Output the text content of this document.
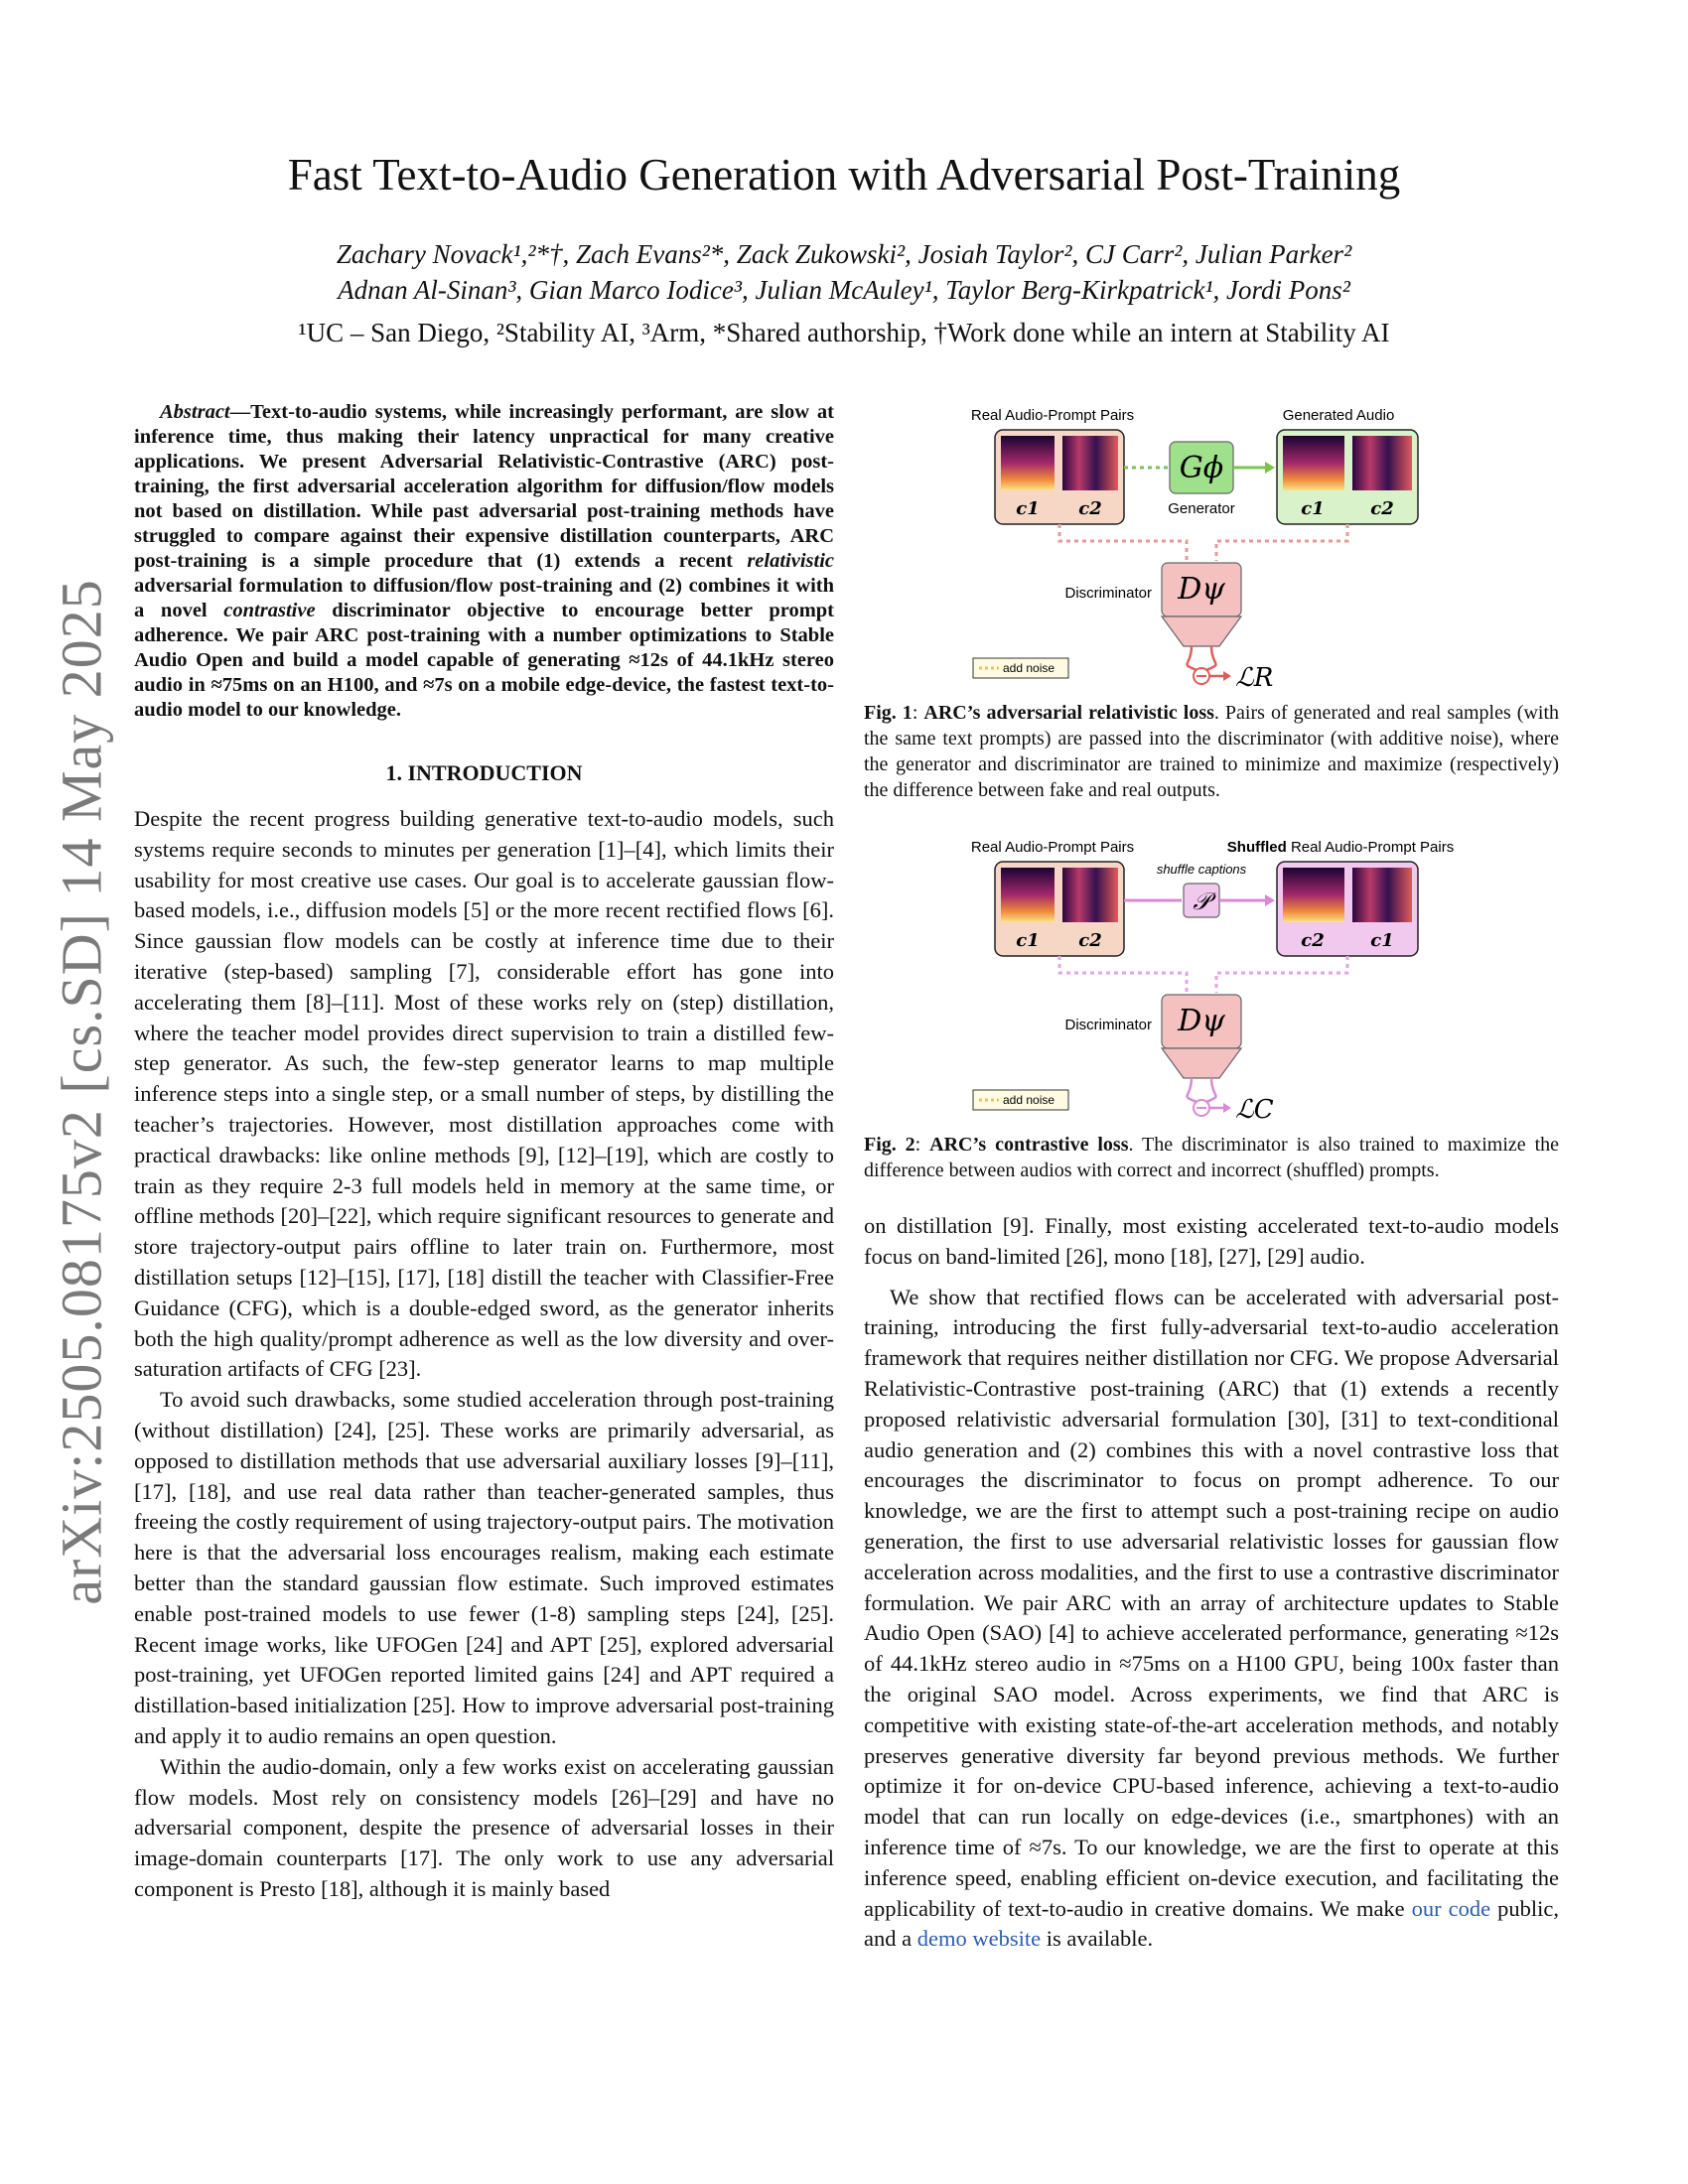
arXiv:2505.08175v2 [cs.SD] 14 May 2025
Fast Text-to-Audio Generation with Adversarial Post-Training
Zachary Novack¹,²*†, Zach Evans²*, Zack Zukowski², Josiah Taylor², CJ Carr², Julian Parker²
Adnan Al-Sinan³, Gian Marco Iodice³, Julian McAuley¹, Taylor Berg-Kirkpatrick¹, Jordi Pons²
¹UC – San Diego, ²Stability AI, ³Arm, *Shared authorship, †Work done while an intern at Stability AI
Abstract—Text-to-audio systems, while increasingly performant, are slow at inference time, thus making their latency unpractical for many creative applications. We present Adversarial Relativistic-Contrastive (ARC) post-training, the first adversarial acceleration algorithm for diffusion/flow models not based on distillation. While past adversarial post-training methods have struggled to compare against their expensive distillation counterparts, ARC post-training is a simple procedure that (1) extends a recent relativistic adversarial formulation to diffusion/flow post-training and (2) combines it with a novel contrastive discriminator objective to encourage better prompt adherence. We pair ARC post-training with a number optimizations to Stable Audio Open and build a model capable of generating ≈12s of 44.1kHz stereo audio in ≈75ms on an H100, and ≈7s on a mobile edge-device, the fastest text-to-audio model to our knowledge.
1. INTRODUCTION

Despite the recent progress building generative text-to-audio models, such systems require seconds to minutes per generation [1]–[4], which limits their usability for most creative use cases. Our goal is to accelerate gaussian flow-based models, i.e., diffusion models [5] or the more recent rectified flows [6]. Since gaussian flow models can be costly at inference time due to their iterative (step-based) sampling [7], considerable effort has gone into accelerating them [8]–[11]. Most of these works rely on (step) distillation, where the teacher model provides direct supervision to train a distilled few-step generator. As such, the few-step generator learns to map multiple inference steps into a single step, or a small number of steps, by distilling the teacher’s trajectories. However, most distillation approaches come with practical drawbacks: like online methods [9], [12]–[19], which are costly to train as they require 2-3 full models held in memory at the same time, or offline methods [20]–[22], which require significant resources to generate and store trajectory-output pairs offline to later train on. Furthermore, most distillation setups [12]–[15], [17], [18] distill the teacher with Classifier-Free Guidance (CFG), which is a double-edged sword, as the generator inherits both the high quality/prompt adherence as well as the low diversity and over-saturation artifacts of CFG [23].

To avoid such drawbacks, some studied acceleration through post-training (without distillation) [24], [25]. These works are primarily adversarial, as opposed to distillation methods that use adversarial auxiliary losses [9]–[11], [17], [18], and use real data rather than teacher-generated samples, thus freeing the costly requirement of using trajectory-output pairs. The motivation here is that the adversarial loss encourages realism, making each estimate better than the standard gaussian flow estimate. Such improved estimates enable post-trained models to use fewer (1-8) sampling steps [24], [25]. Recent image works, like UFOGen [24] and APT [25], explored adversarial post-training, yet UFOGen reported limited gains [24] and APT required a distillation-based initialization [25]. How to improve adversarial post-training and apply it to audio remains an open question.

Within the audio-domain, only a few works exist on accelerating gaussian flow models. Most rely on consistency models [26]–[29] and have no adversarial component, despite the presence of adversarial losses in their image-domain counterparts [17]. The only work to use any adversarial component is Presto [18], although it is mainly based

Real Audio-Prompt Pairs	Generated Audio
c1 c2
Gϕ
Generator	c1	c2
Dψ
Discriminator
ℒR
add noise
Fig. 1: ARC’s adversarial relativistic loss. Pairs of generated and real samples (with the same text prompts) are passed into the discriminator (with additive noise), where the generator and discriminator are trained to minimize and maximize (respectively) the difference between fake and real outputs.
Real Audio-Prompt Pairs	Shuffled Real Audio-Prompt Pairs
c1 c2
shuffle captions
𝒫
c2	c1
Dψ
Discriminator
ℒC
add noise
Fig. 2: ARC’s contrastive loss. The discriminator is also trained to maximize the difference between audios with correct and incorrect (shuffled) prompts.

on distillation [9]. Finally, most existing accelerated text-to-audio models focus on band-limited [26], mono [18], [27], [29] audio.

We show that rectified flows can be accelerated with adversarial post-training, introducing the first fully-adversarial text-to-audio acceleration framework that requires neither distillation nor CFG. We propose Adversarial Relativistic-Contrastive post-training (ARC) that (1) extends a recently proposed relativistic adversarial formulation [30], [31] to text-conditional audio generation and (2) combines this with a novel contrastive loss that encourages the discriminator to focus on prompt adherence. To our knowledge, we are the first to attempt such a post-training recipe on audio generation, the first to use adversarial relativistic losses for gaussian flow acceleration across modalities, and the first to use a contrastive discriminator formulation. We pair ARC with an array of architecture updates to Stable Audio Open (SAO) [4] to achieve accelerated performance, generating ≈12s of 44.1kHz stereo audio in ≈75ms on a H100 GPU, being 100x faster than the original SAO model. Across experiments, we find that ARC is competitive with existing state-of-the-art acceleration methods, and notably preserves generative diversity far beyond previous methods. We further optimize it for on-device CPU-based inference, achieving a text-to-audio model that can run locally on edge-devices (i.e., smartphones) with an inference time of ≈7s. To our knowledge, we are the first to operate at this inference speed, enabling efficient on-device execution, and facilitating the applicability of text-to-audio in creative domains. We make our code public, and a demo website is available.
